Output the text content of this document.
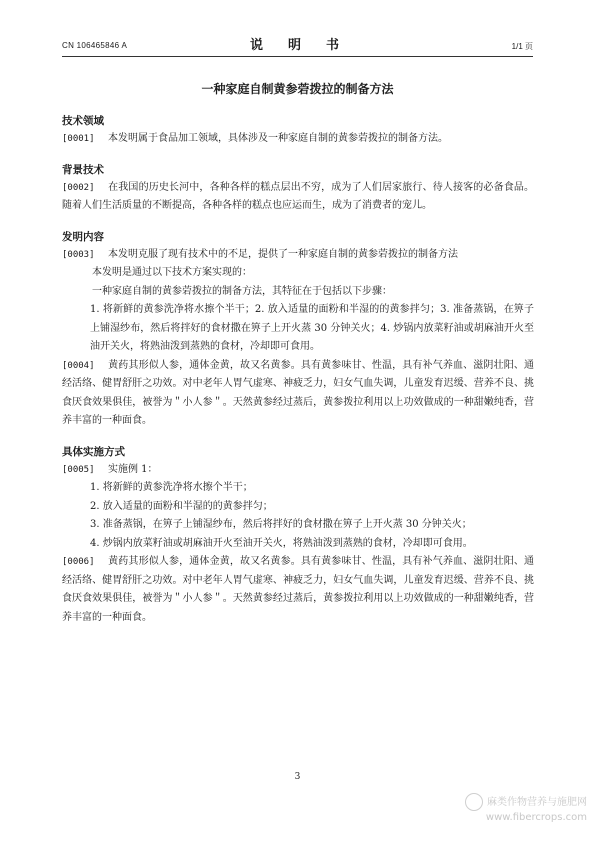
CN 106465846 A	说　明　书	1/1 页
一种家庭自制黄参菪拨拉的制备方法
技术领域
[0001] 本发明属于食品加工领域，具体涉及一种家庭自制的黄参菪拨拉的制备方法。
背景技术
[0002] 在我国的历史长河中，各种各样的糕点层出不穷，成为了人们居家旅行、待人接客的必备食品。随着人们生活质量的不断提高，各种各样的糕点也应运而生，成为了消费者的宠儿。
发明内容
[0003] 本发明克服了现有技术中的不足，提供了一种家庭自制的黄参菪拨拉的制备方法
本发明是通过以下技术方案实现的：
一种家庭自制的黄参菪拨拉的制备方法，其特征在于包括以下步骤：
1. 将新鲜的黄参洗净将水擦个半干；2. 放入适量的面粉和半湿的的黄参拌匀；3. 准备蒸锅，在箅子上铺湿纱布，然后将拌好的食材撒在箅子上开火蒸 30 分钟关火；4. 炒锅内放菜籽油或胡麻油开火至油开关火，将熟油泼到蒸熟的食材，冷却即可食用。
[0004] 黄药其形似人参，通体金黄，故又名黄参。具有黄参味甘、性温，具有补气养血、滋阴壮阳、通经活络、健胃舒肝之功效。对中老年人胃气虚寒、神疲乏力，妇女气血失调，儿童发育迟缓、营养不良、挑食厌食效果俱佳，被誉为＂小人参＂。天然黄参经过蒸后，黄参拨拉利用以上功效做成的一种甜嫩纯香，营养丰富的一种面食。
具体实施方式
[0005] 实施例 1：
1. 将新鲜的黄参洗净将水擦个半干；
2. 放入适量的面粉和半湿的的黄参拌匀；
3. 准备蒸锅，在箅子上铺湿纱布，然后将拌好的食材撒在箅子上开火蒸 30 分钟关火；
4. 炒锅内放菜籽油或胡麻油开火至油开关火，将熟油泼到蒸熟的食材，冷却即可食用。
[0006] 黄药其形似人参，通体金黄，故又名黄参。具有黄参味甘、性温，具有补气养血、滋阴壮阳、通经活络、健胃舒肝之功效。对中老年人胃气虚寒、神疲乏力，妇女气血失调，儿童发育迟缓、营养不良、挑食厌食效果俱佳，被誉为＂小人参＂。天然黄参经过蒸后，黄参拨拉利用以上功效做成的一种甜嫩纯香，营养丰富的一种面食。
3
麻类作物营养与施肥网
www.fibercrops.com
